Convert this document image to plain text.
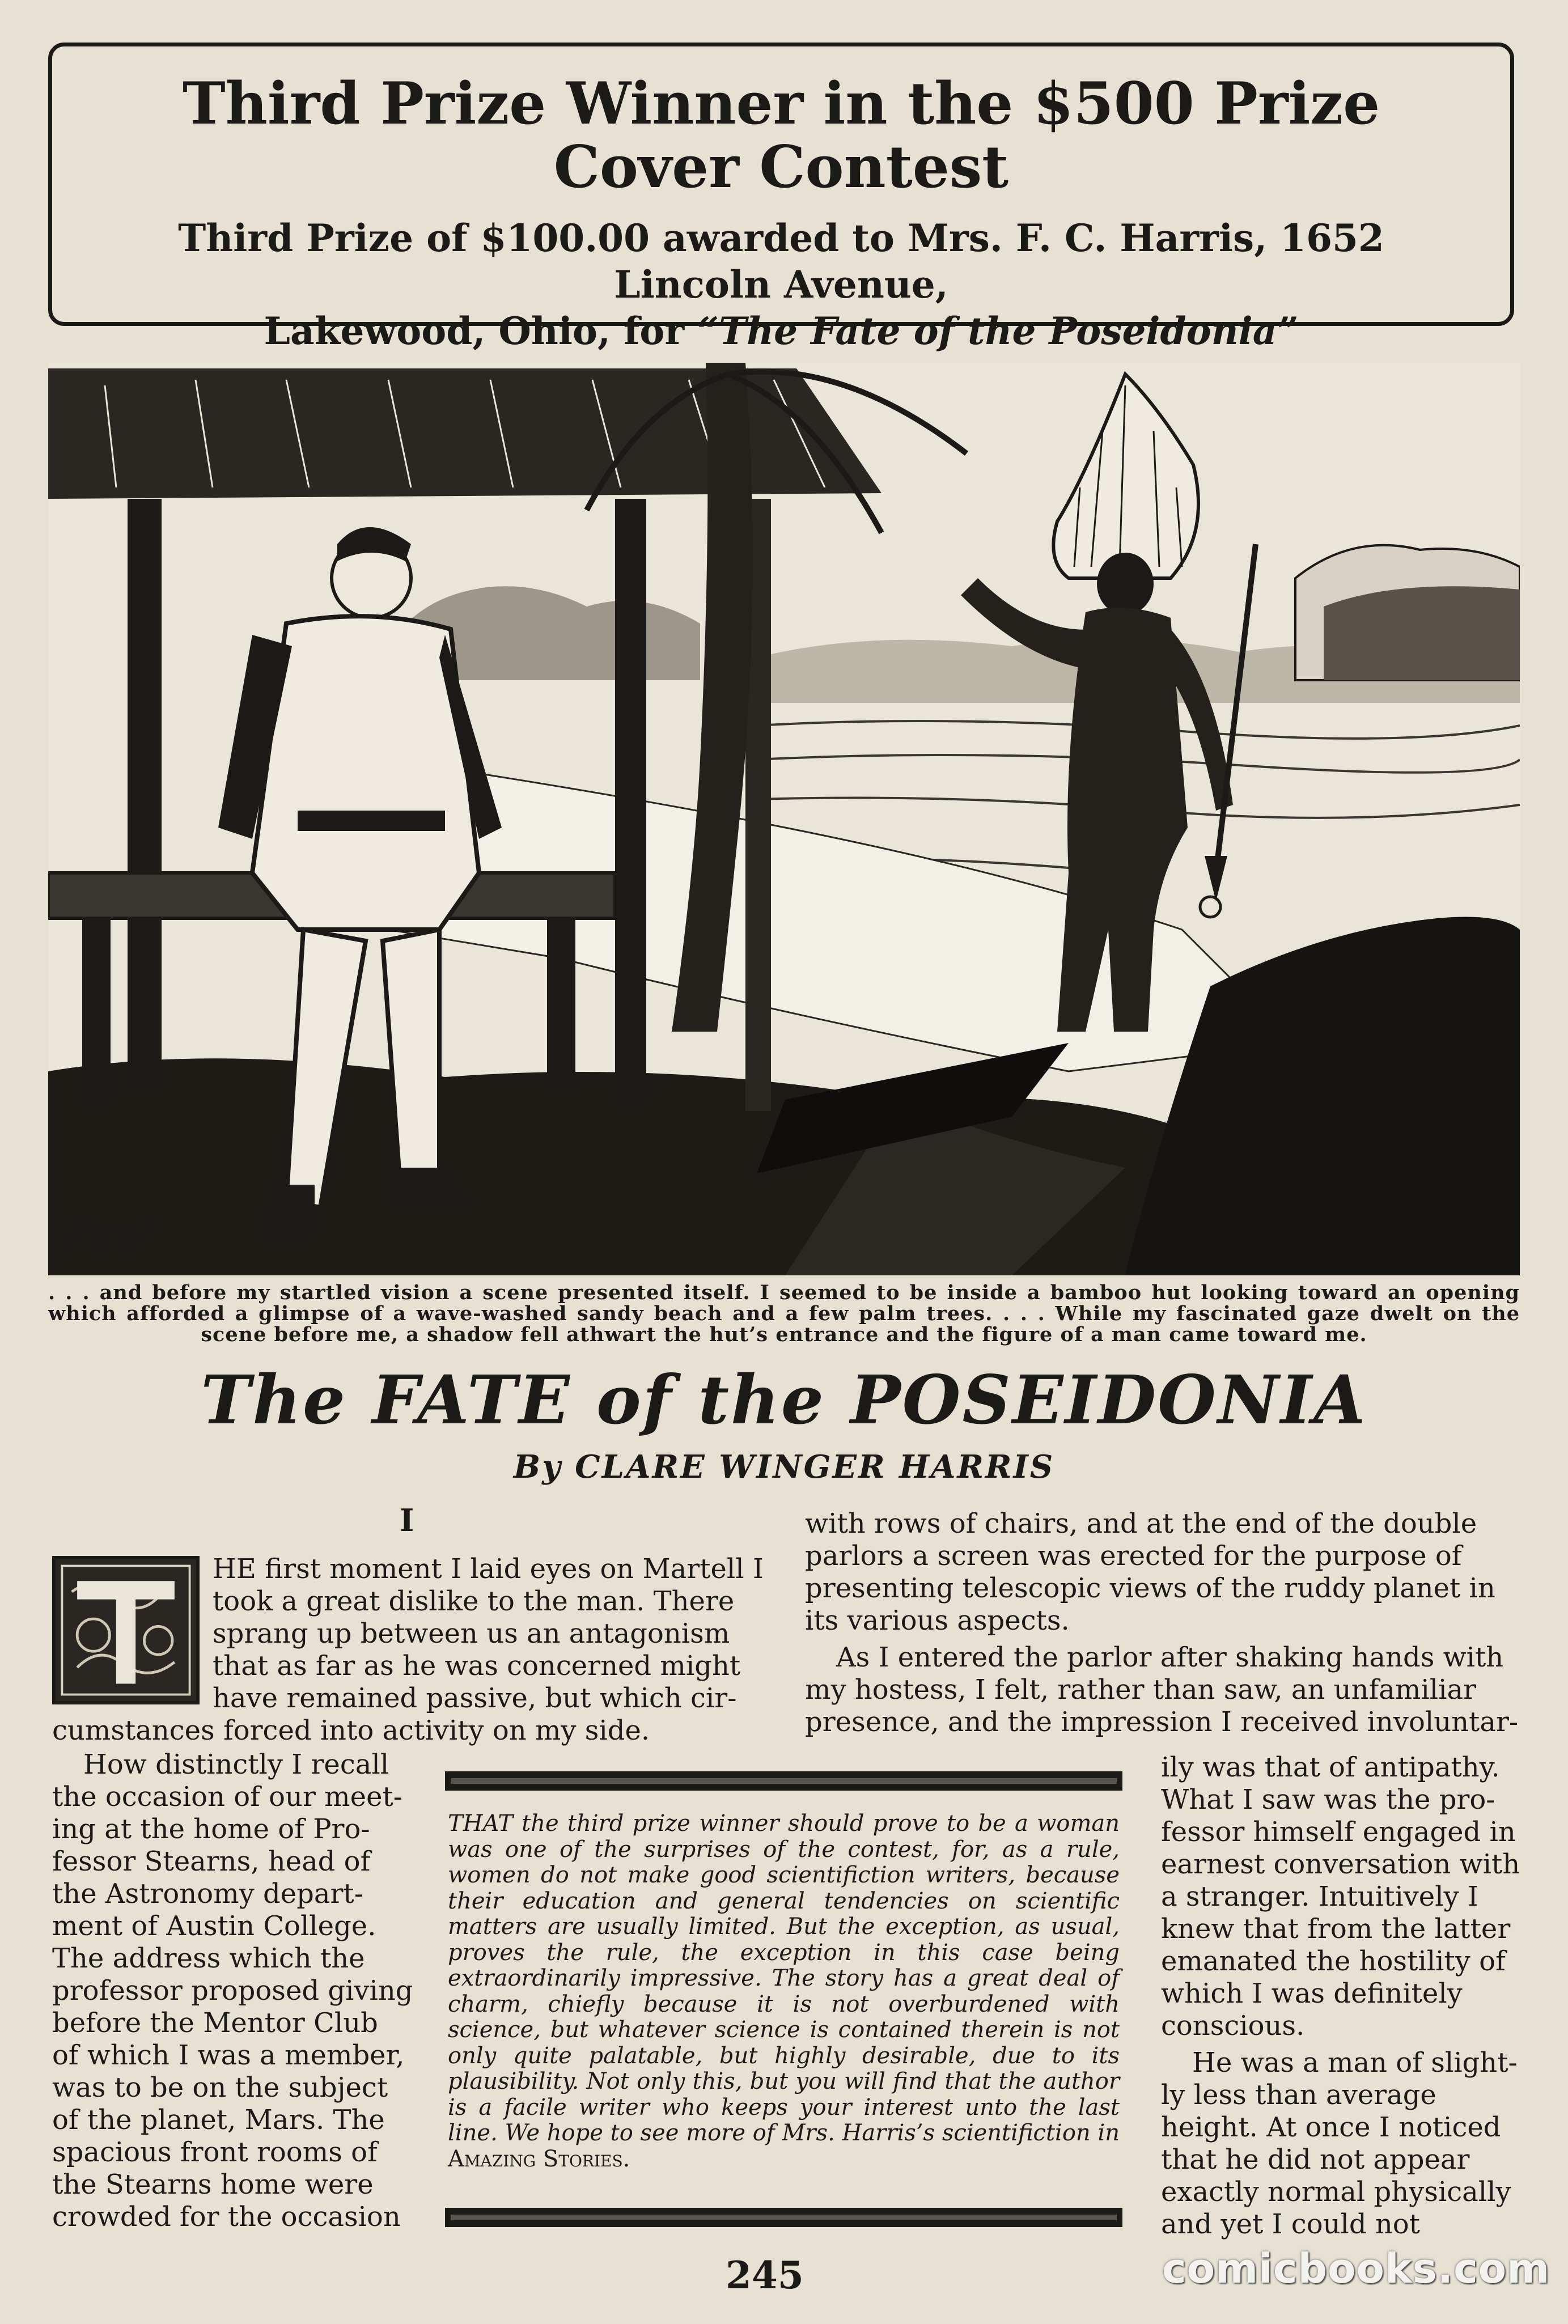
Third Prize Winner in the $500 Prize Cover Contest
Third Prize of $100.00 awarded to Mrs. F. C. Harris, 1652 Lincoln Avenue,
Lakewood, Ohio, for “The Fate of the Poseidonia”
Paul
. . . and before my startled vision a scene presented itself. I seemed to be inside a bamboo hut looking toward an opening which afforded a glimpse of a wave-washed sandy beach and a few palm trees. . . . While my fascinated gaze dwelt on the scene before me, a shadow fell athwart the hut’s entrance and the figure of a man came toward me.
The FATE of the POSEIDONIA
By CLARE WINGER HARRIS
I
HE first moment I laid eyes on Martell I
took a great dislike to the man. There
sprang up between us an antagonism
that as far as he was concerned might
have remained passive, but which cir-
cumstances forced into activity on my side.
How distinctly I recall
the occasion of our meet-
ing at the home of Pro-
fessor Stearns, head of
the Astronomy depart-
ment of Austin College.
The address which the
professor proposed giving
before the Mentor Club
of which I was a member,
was to be on the subject
of the planet, Mars. The
spacious front rooms of
the Stearns home were
crowded for the occasion
with rows of chairs, and at the end of the double
parlors a screen was erected for the purpose of
presenting telescopic views of the ruddy planet in
its various aspects.
As I entered the parlor after shaking hands with
my hostess, I felt, rather than saw, an unfamiliar
presence, and the impression I received involuntar-
ily was that of antipathy.
What I saw was the pro-
fessor himself engaged in
earnest conversation with
a stranger. Intuitively I
knew that from the latter
emanated the hostility of
which I was definitely
conscious.
He was a man of slight-
ly less than average
height. At once I noticed
that he did not appear
exactly normal physically
and yet I could not
THAT the third prize winner should prove to be a woman was one of the surprises of the contest, for, as a rule, women do not make good scientifiction writers, because their education and general tendencies on scientific matters are usually limited. But the exception, as usual, proves the rule, the exception in this case being extraordinarily impressive. The story has a great deal of charm, chiefly because it is not overburdened with science, but whatever science is contained therein is not only quite palatable, but highly desirable, due to its plausibility. Not only this, but you will find that the author is a facile writer who keeps your interest unto the last line. We hope to see more of Mrs. Harris’s scientifiction in Amazing Stories.
245	comicbooks.com
